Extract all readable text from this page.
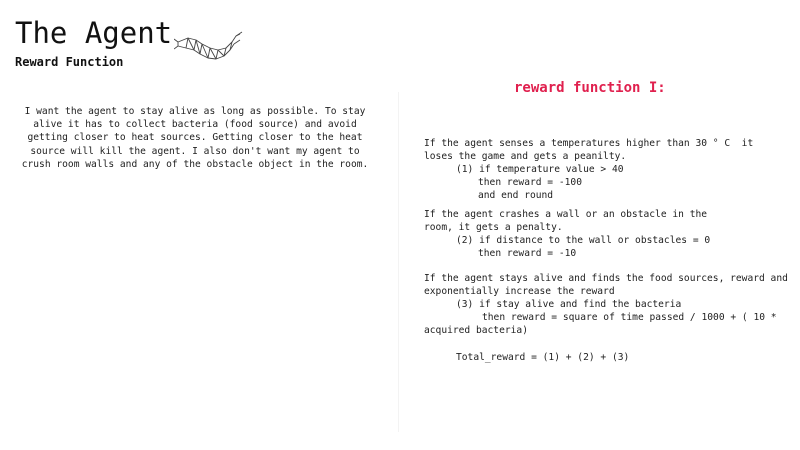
The Agent
Reward Function
I want the agent to stay alive as long as possible. To stay alive it has to collect bacteria (food source) and avoid getting closer to heat sources. Getting closer to the heat source will kill the agent. I also don't want my agent to crush room walls and any of the obstacle object in the room.
reward function I:
If the agent senses a temperatures higher than 30 ° C  it
loses the game and gets a peanilty.
(1) if temperature value > 40
then reward = -100
and end round
If the agent crashes a wall or an obstacle in the
room, it gets a penalty.
(2) if distance to the wall or obstacles = 0
then reward = -10
If the agent stays alive and finds the food sources, reward and
exponentially increase the reward
(3) if stay alive and find the bacteria
then reward = square of time passed / 1000 + ( 10 *
acquired bacteria)
Total_reward = (1) + (2) + (3)
